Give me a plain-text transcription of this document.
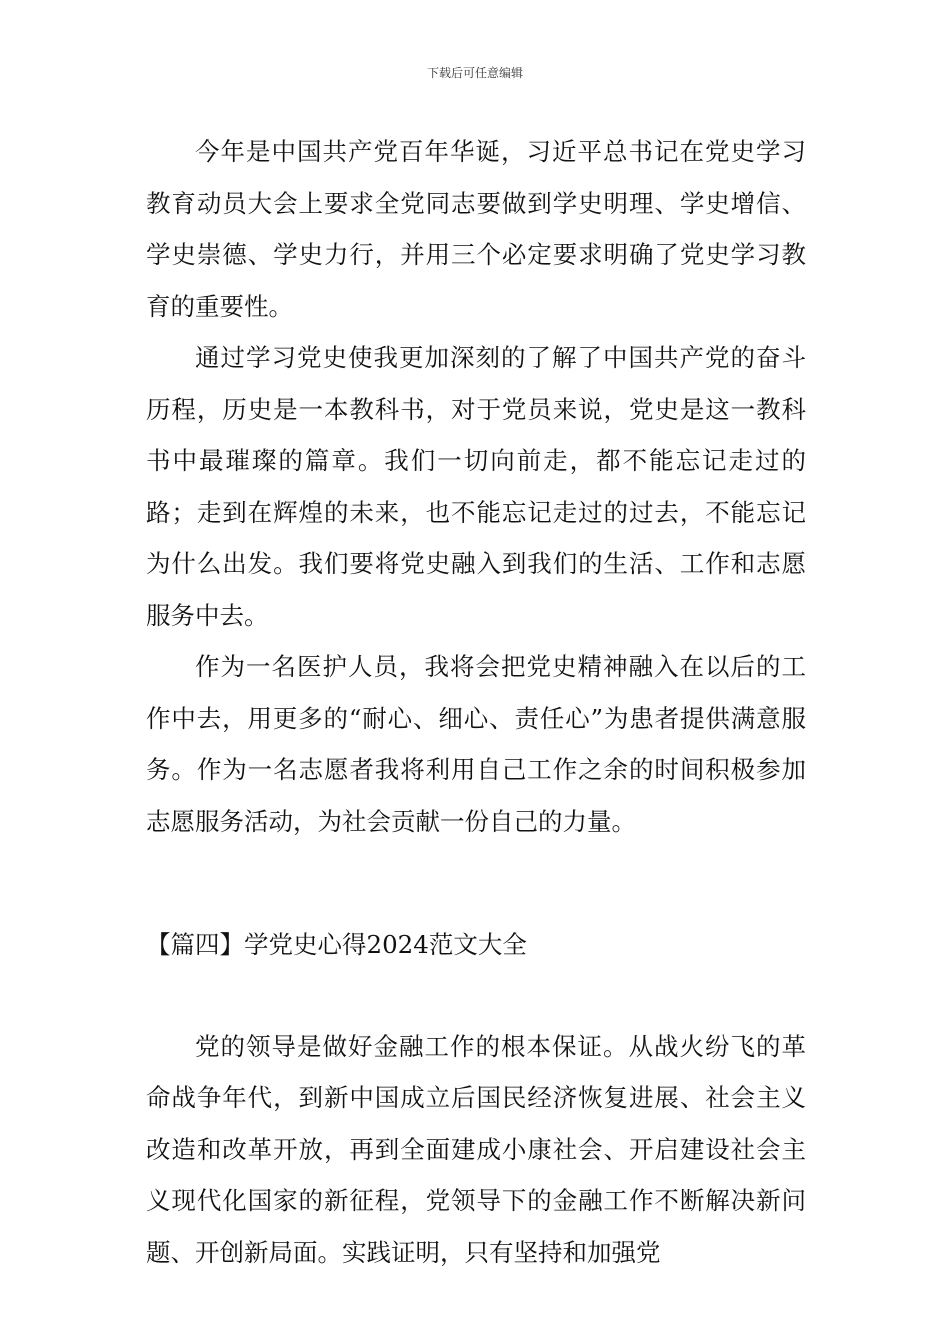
下载后可任意编辑

今年是中国共产党百年华诞，习近平总书记在党史学习教育动员大会上要求全党同志要做到学史明理、学史增信、学史崇德、学史力行，并用三个必定要求明确了党史学习教育的重要性。

通过学习党史使我更加深刻的了解了中国共产党的奋斗历程，历史是一本教科书，对于党员来说，党史是这一教科书中最璀璨的篇章。我们一切向前走，都不能忘记走过的路；走到在辉煌的未来，也不能忘记走过的过去，不能忘记为什么出发。我们要将党史融入到我们的生活、工作和志愿服务中去。

作为一名医护人员，我将会把党史精神融入在以后的工作中去，用更多的“耐心、细心、责任心”为患者提供满意服务。作为一名志愿者我将利用自己工作之余的时间积极参加志愿服务活动，为社会贡献一份自己的力量。

【篇四】学党史心得2024范文大全

党的领导是做好金融工作的根本保证。从战火纷飞的革命战争年代，到新中国成立后国民经济恢复进展、社会主义改造和改革开放，再到全面建成小康社会、开启建设社会主义现代化国家的新征程，党领导下的金融工作不断解决新问题、开创新局面。实践证明，只有坚持和加强党
